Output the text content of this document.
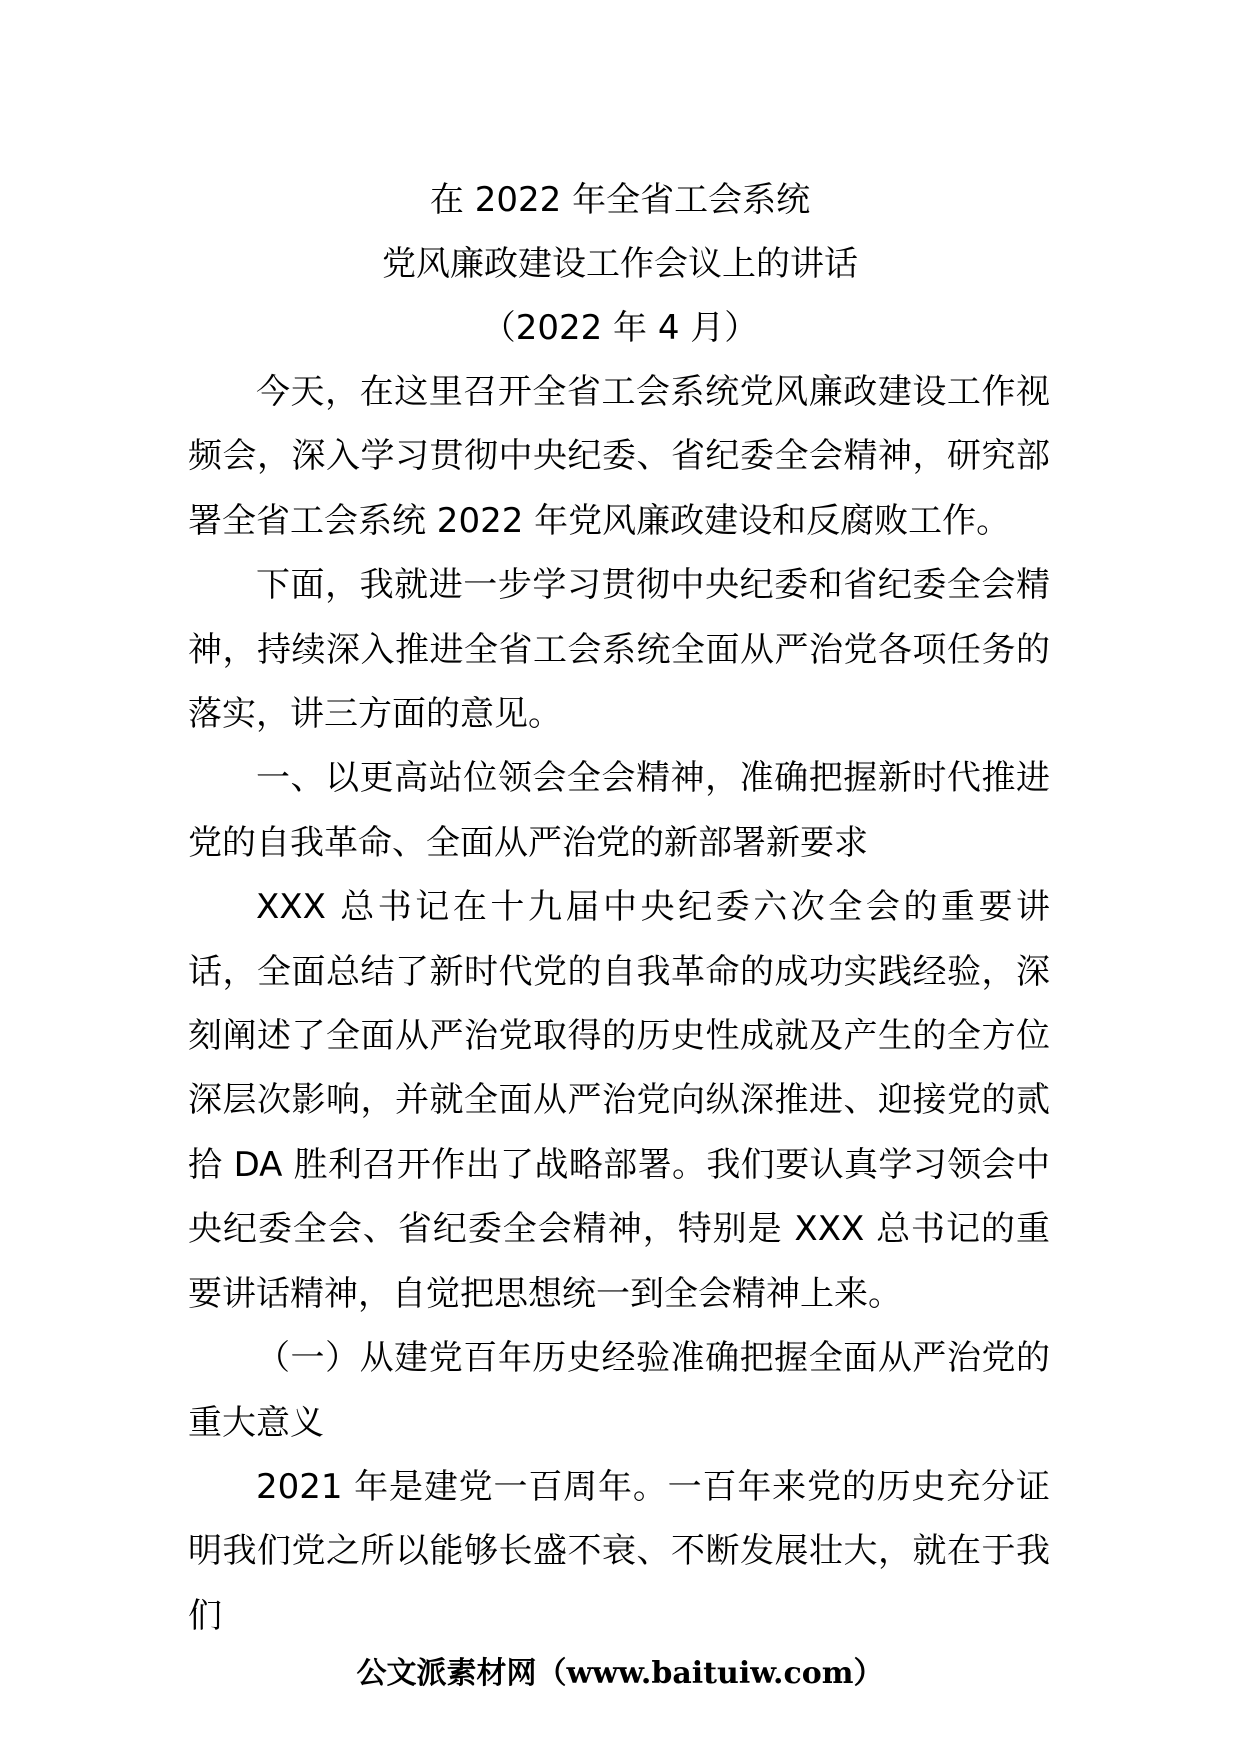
在 2022 年全省工会系统
党风廉政建设工作会议上的讲话
（2022 年 4 月）

今天，在这里召开全省工会系统党风廉政建设工作视频会，深入学习贯彻中央纪委、省纪委全会精神，研究部署全省工会系统 2022 年党风廉政建设和反腐败工作。

下面，我就进一步学习贯彻中央纪委和省纪委全会精神，持续深入推进全省工会系统全面从严治党各项任务的落实，讲三方面的意见。

一、以更高站位领会全会精神，准确把握新时代推进党的自我革命、全面从严治党的新部署新要求

XXX 总书记在十九届中央纪委六次全会的重要讲话，全面总结了新时代党的自我革命的成功实践经验，深刻阐述了全面从严治党取得的历史性成就及产生的全方位深层次影响，并就全面从严治党向纵深推进、迎接党的贰拾 DA 胜利召开作出了战略部署。我们要认真学习领会中央纪委全会、省纪委全会精神，特别是 XXX 总书记的重要讲话精神，自觉把思想统一到全会精神上来。

（一）从建党百年历史经验准确把握全面从严治党的重大意义

2021 年是建党一百周年。一百年来党的历史充分证明我们党之所以能够长盛不衰、不断发展壮大，就在于我们

公文派素材网（www.baituiw.com）
